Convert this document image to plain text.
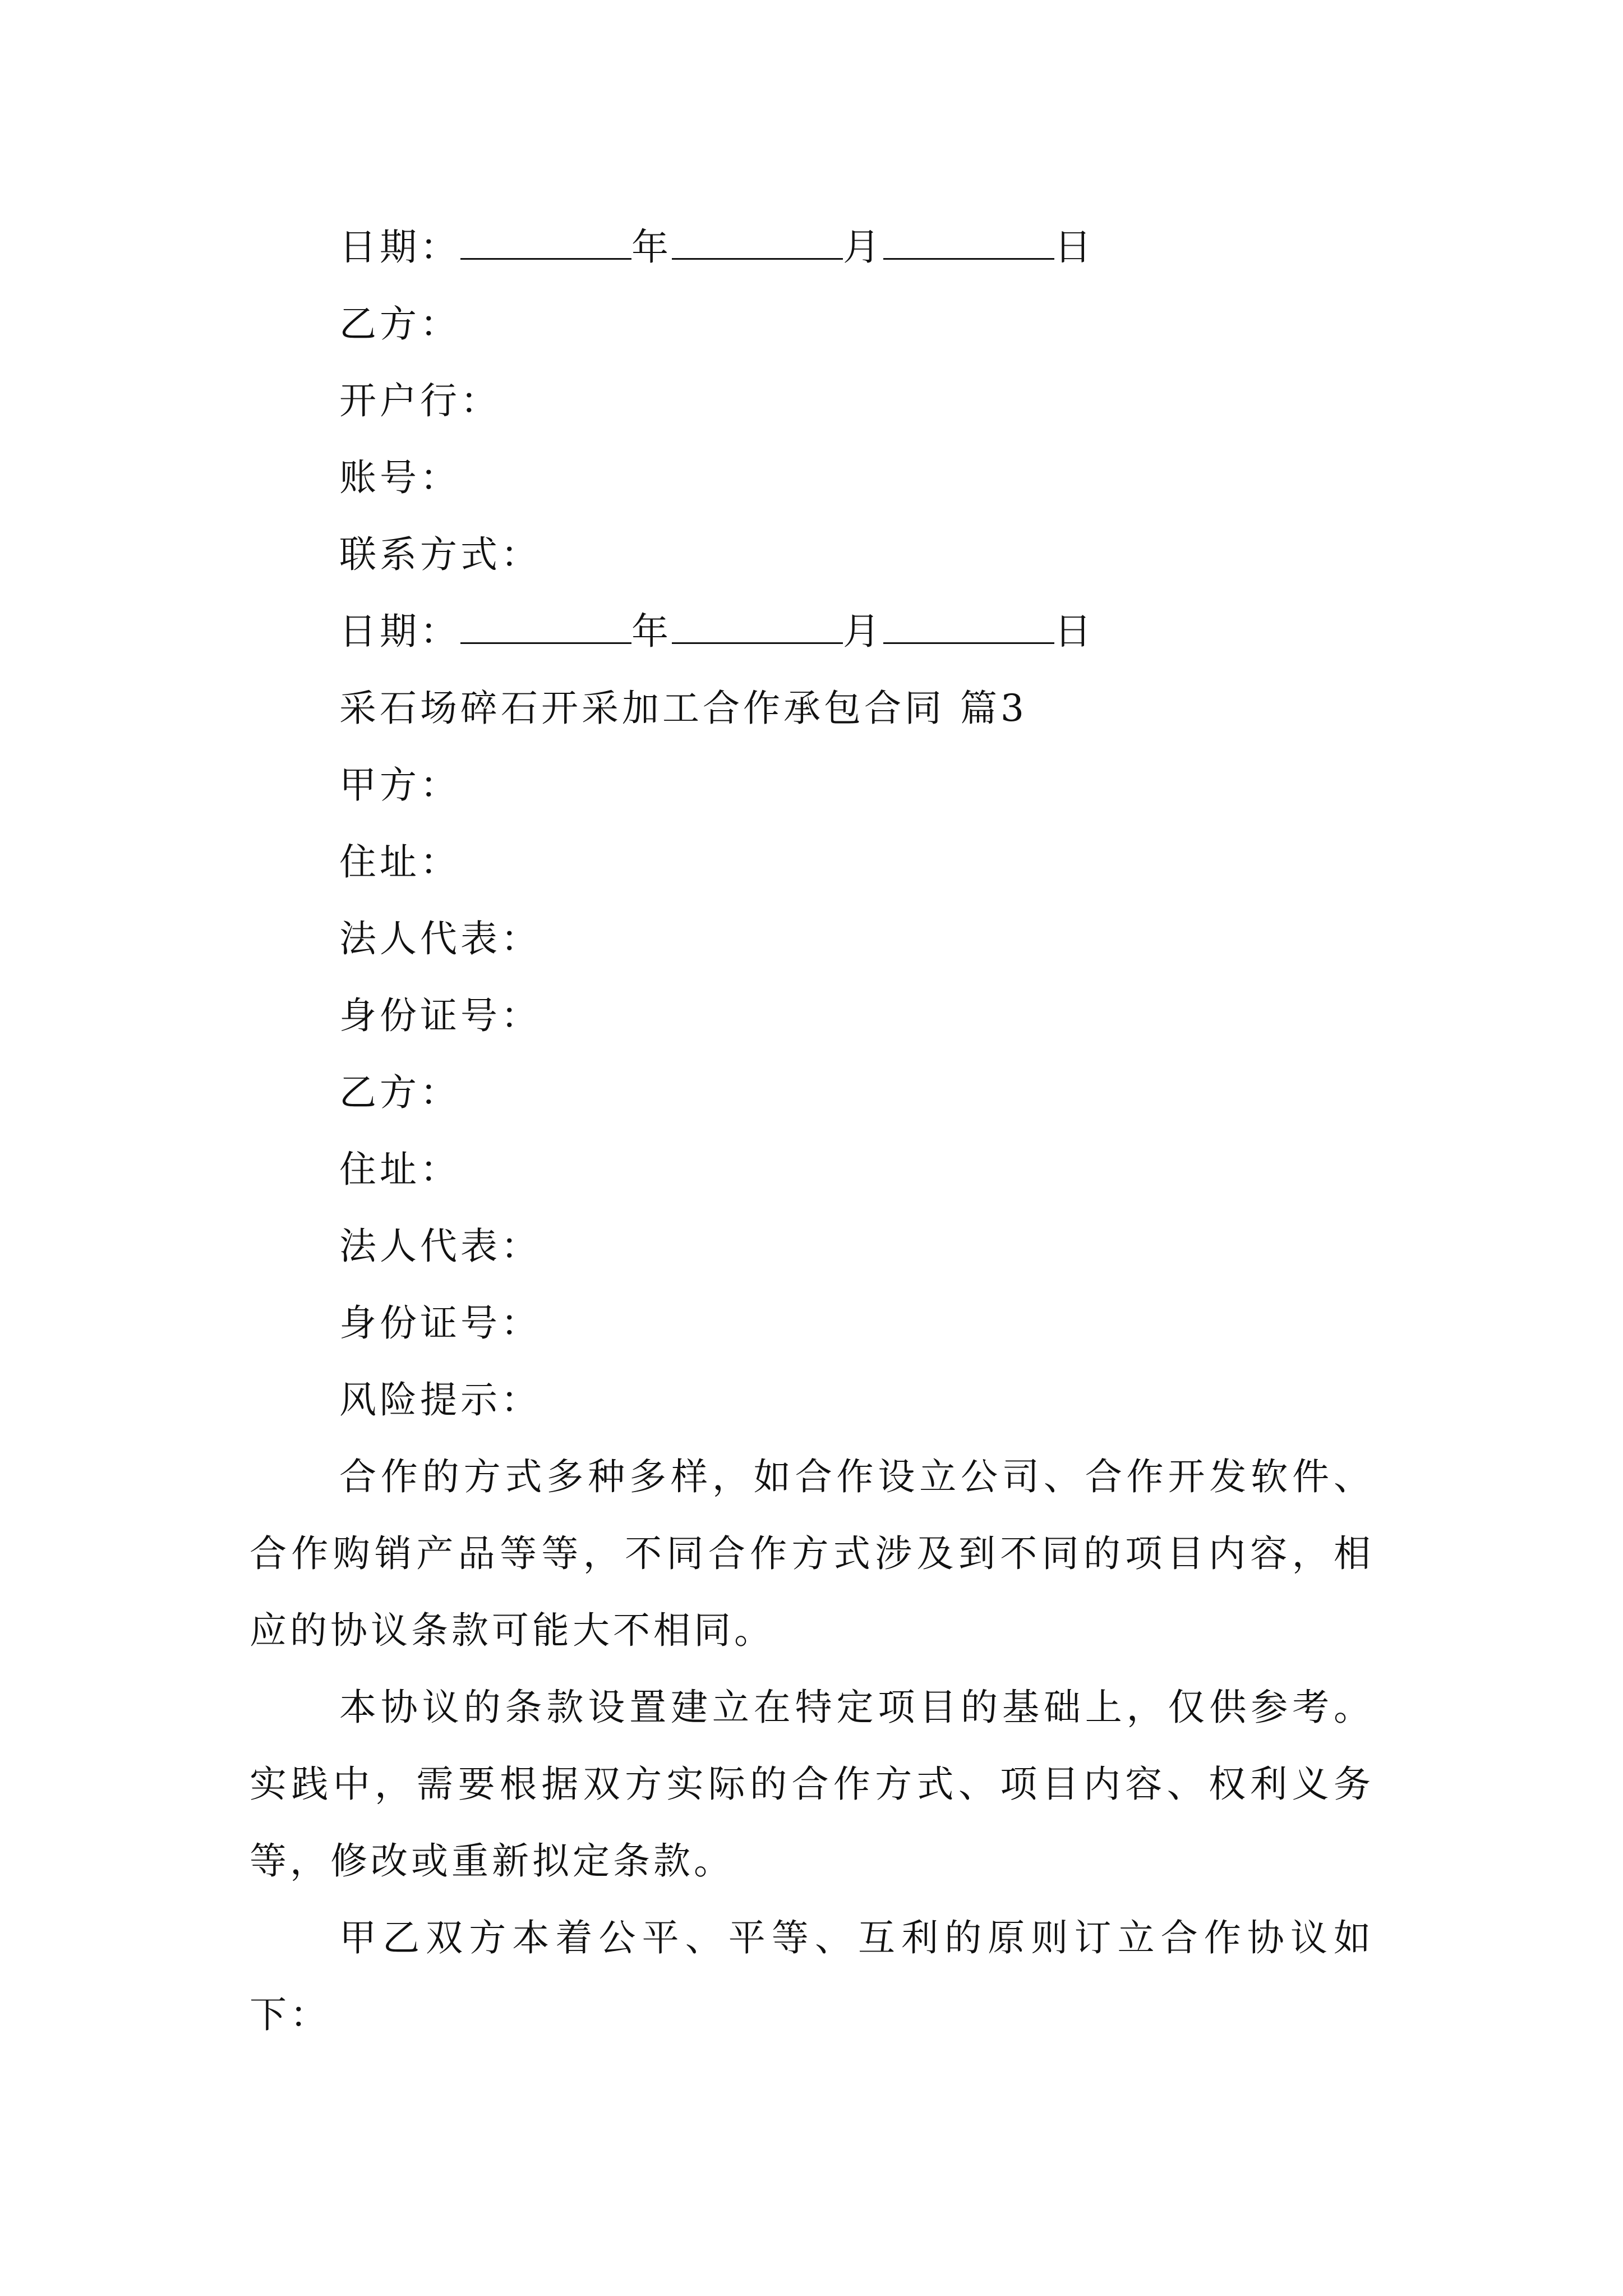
日期：	年	月	日
乙方：
开户行：
账号：
联系方式：
日期：	年	月	日
采石场碎石开采加工合作承包合同 篇3
甲方：
住址：
法人代表：
身份证号：
乙方：
住址：
法人代表：
身份证号：
风险提示：

合作的方式多种多样，如合作设立公司、合作开发软件、合作购销产品等等，不同合作方式涉及到不同的项目内容，相应的协议条款可能大不相同。

本协议的条款设置建立在特定项目的基础上，仅供参考。实践中，需要根据双方实际的合作方式、项目内容、权利义务等，修改或重新拟定条款。

甲乙双方本着公平、平等、互利的原则订立合作协议如下：
